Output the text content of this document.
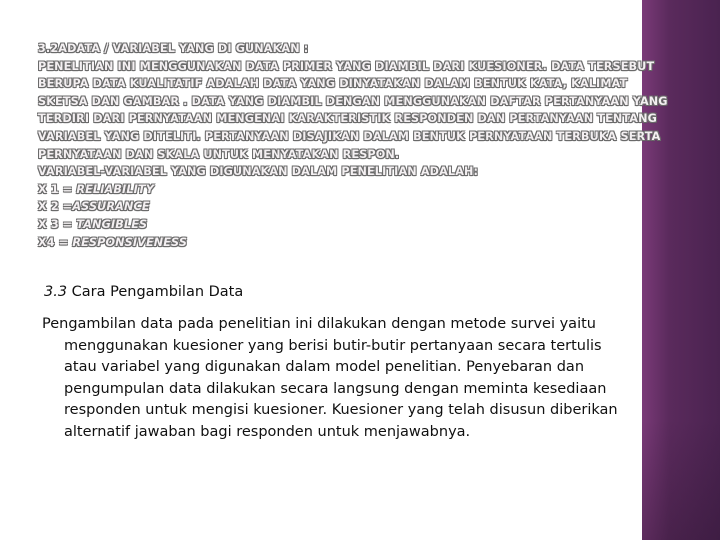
3.2ADATA / VARIABEL YANG DI GUNAKAN :
PENELITIAN INI MENGGUNAKAN DATA PRIMER YANG DIAMBIL DARI KUESIONER. DATA TERSEBUT
BERUPA DATA KUALITATIF ADALAH DATA YANG DINYATAKAN DALAM BENTUK KATA, KALIMAT
SKETSA DAN GAMBAR . DATA YANG DIAMBIL DENGAN MENGGUNAKAN DAFTAR PERTANYAAN YANG
TERDIRI DARI PERNYATAAN MENGENAI KARAKTERISTIK RESPONDEN DAN PERTANYAAN TENTANG
VARIABEL YANG DITELITI. PERTANYAAN DISAJIKAN DALAM BENTUK PERNYATAAN TERBUKA SERTA
PERNYATAAN DAN SKALA UNTUK MENYATAKAN RESPON.
VARIABEL-VARIABEL YANG DIGUNAKAN DALAM PENELITIAN ADALAH:
X 1 = RELIABILITY
X 2 =ASSURANCE
X 3 = TANGIBLES
X4 = RESPONSIVENESS
3.3 Cara Pengambilan Data
Pengambilan data pada penelitian ini dilakukan dengan metode survei yaitu
menggunakan kuesioner yang berisi butir-butir pertanyaan secara tertulis
atau variabel yang digunakan dalam model penelitian. Penyebaran dan
pengumpulan data dilakukan secara langsung dengan meminta kesediaan
responden untuk mengisi kuesioner. Kuesioner yang telah disusun diberikan
alternatif jawaban bagi responden untuk menjawabnya.
